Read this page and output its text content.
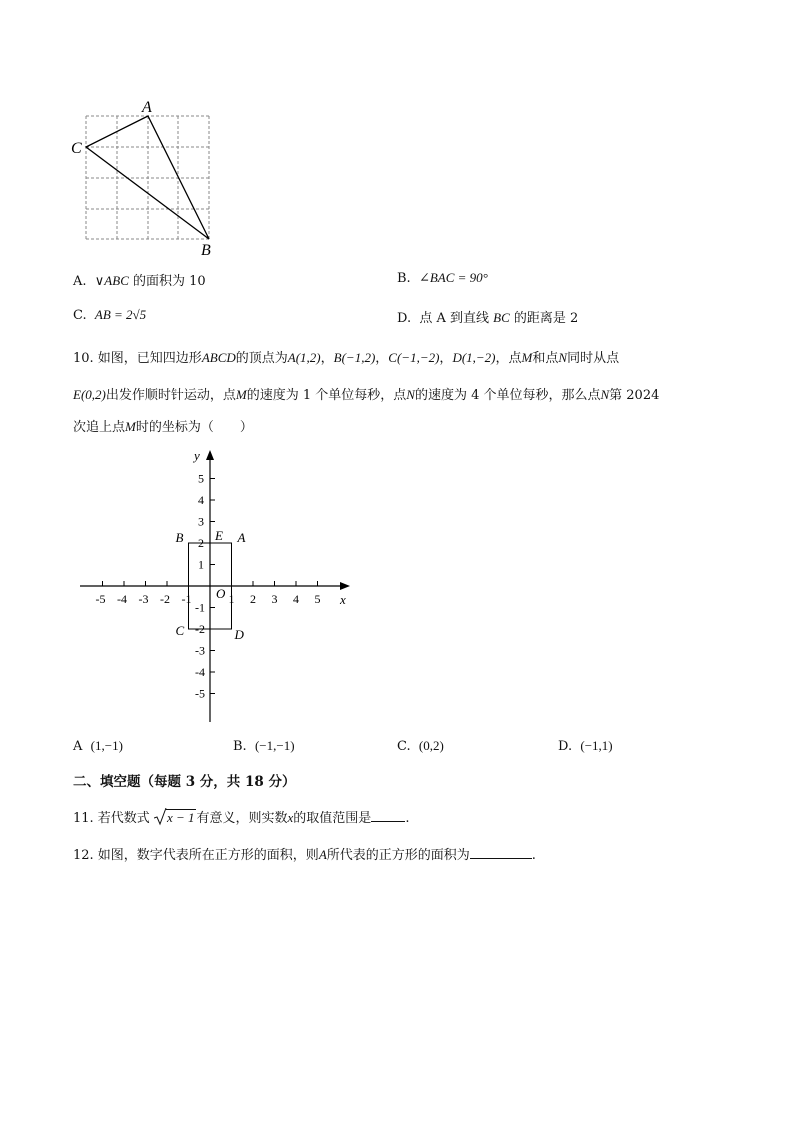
A
C
B
A. ∨ABC 的面积为 10	B. ∠BAC = 90°
C. AB = 2√5	D. 点 A 到直线 BC 的距离是 2
10. 如图，已知四边形ABCD的顶点为A(1,2)，B(−1,2)，C(−1,−2)，D(1,−2)，点M和点N同时从点
E(0,2)出发作顺时针运动，点M的速度为 1 个单位每秒，点N的速度为 4 个单位每秒，那么点N第 2024
次追上点M时的坐标为（　　）
x
y
-5 -4 -3 -2 -1	1 2 3 4 5
5
4
3
2
1
-1
-2
-3
-4
-5
A
B
C	D
E
O
A (1,−1)	B. (−1,−1)	C. (0,2)	D. (−1,1)
二、填空题（每题 3 分，共 18 分）
11. 若代数式 x − 1 有意义，则实数x的取值范围是	.
12. 如图，数字代表所在正方形的面积，则A所代表的正方形的面积为	.
